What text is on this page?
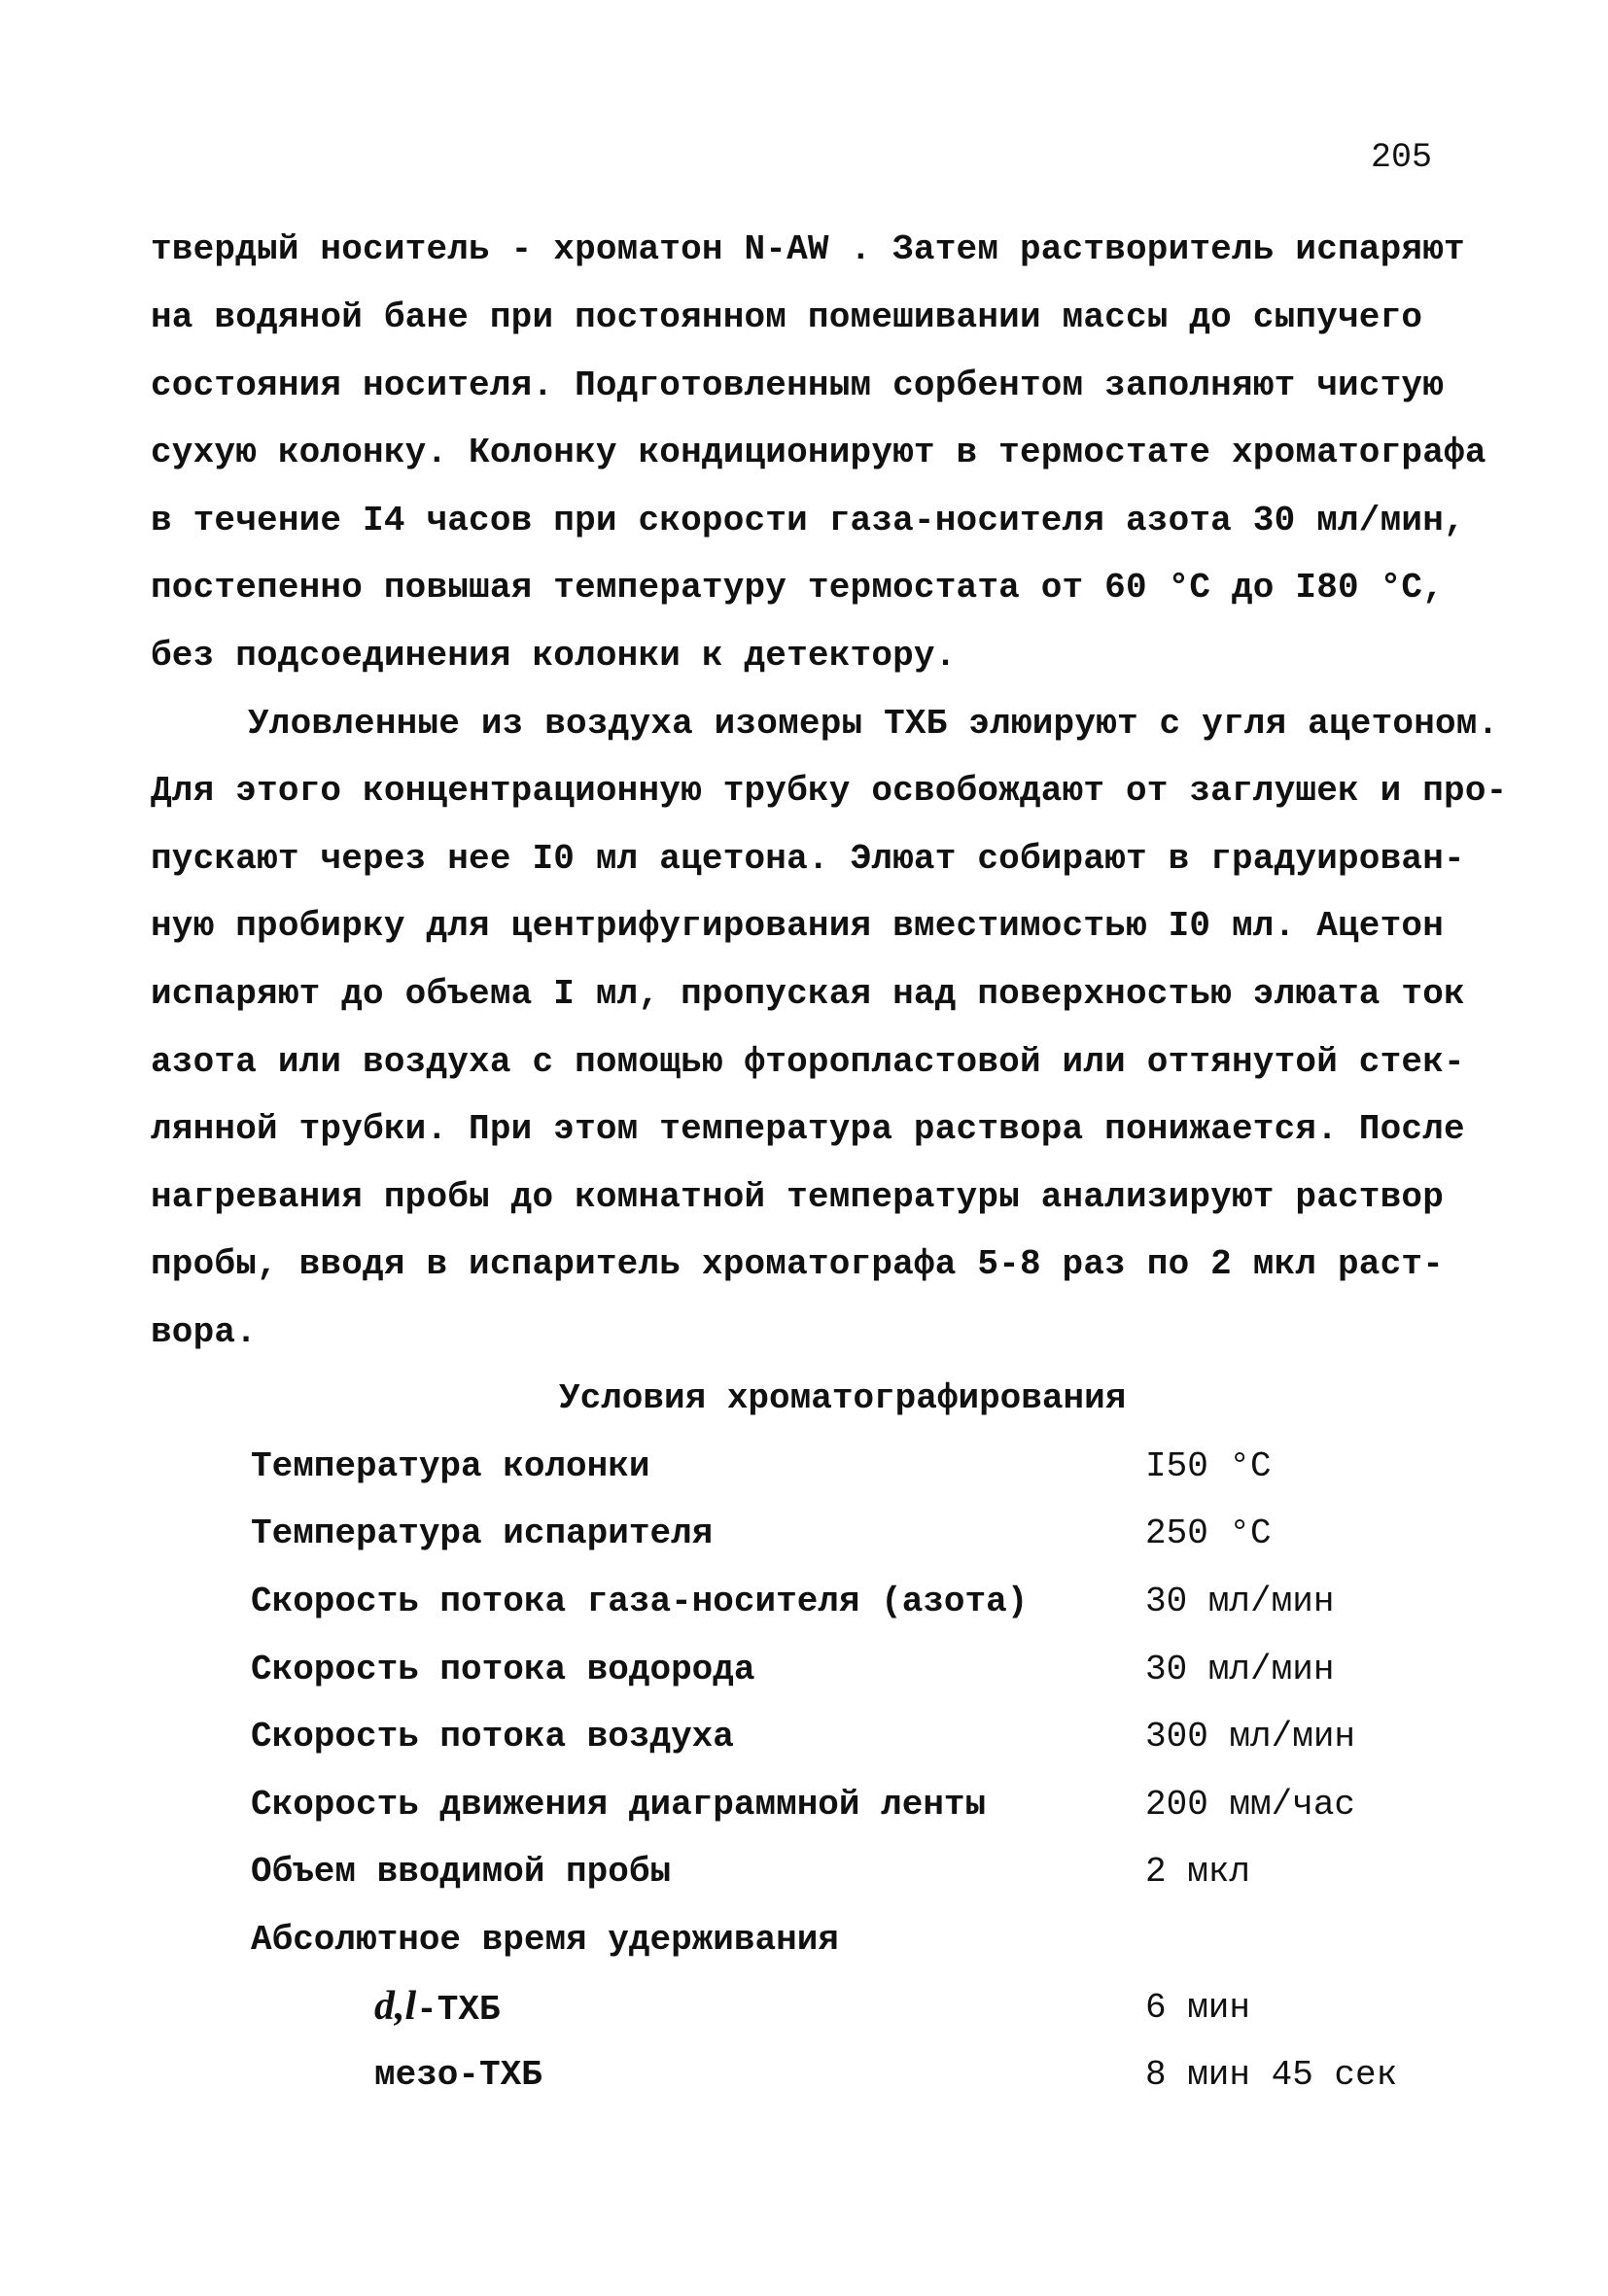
205
твердый носитель - хроматон N-AW . Затем растворитель испаряют
на водяной бане при постоянном помешивании массы до сыпучего
состояния носителя. Подготовленным сорбентом заполняют чистую
сухую колонку. Колонку кондиционируют в термостате хроматографа
в течение I4 часов при скорости газа-носителя азота 30 мл/мин,
постепенно повышая температуру термостата от 60 °C до I80 °C,
без подсоединения колонки к детектору.
Уловленные из воздуха изомеры ТХБ элюируют с угля ацетоном.
Для этого концентрационную трубку освобождают от заглушек и про-
пускают через нее I0 мл ацетона. Элюат собирают в градуирован-
ную пробирку для центрифугирования вместимостью I0 мл. Ацетон
испаряют до объема I мл, пропуская над поверхностью элюата ток
азота или воздуха с помощью фторопластовой или оттянутой стек-
лянной трубки. При этом температура раствора понижается. После
нагревания пробы до комнатной температуры анализируют раствор
пробы, вводя в испаритель хроматографа 5-8 раз по 2 мкл раст-
вора.
Условия хроматографирования
Температура колонки	I50 °C
Температура испарителя	250 °C
Скорость потока газа-носителя (азота)	30 мл/мин
Скорость потока водорода	30 мл/мин
Скорость потока воздуха	300 мл/мин
Скорость движения диаграммной ленты	200 мм/час
Объем вводимой пробы	2 мкл
Абсолютное время удерживания
d,l-ТХБ	6 мин
мезо-ТХБ	8 мин 45 сек
